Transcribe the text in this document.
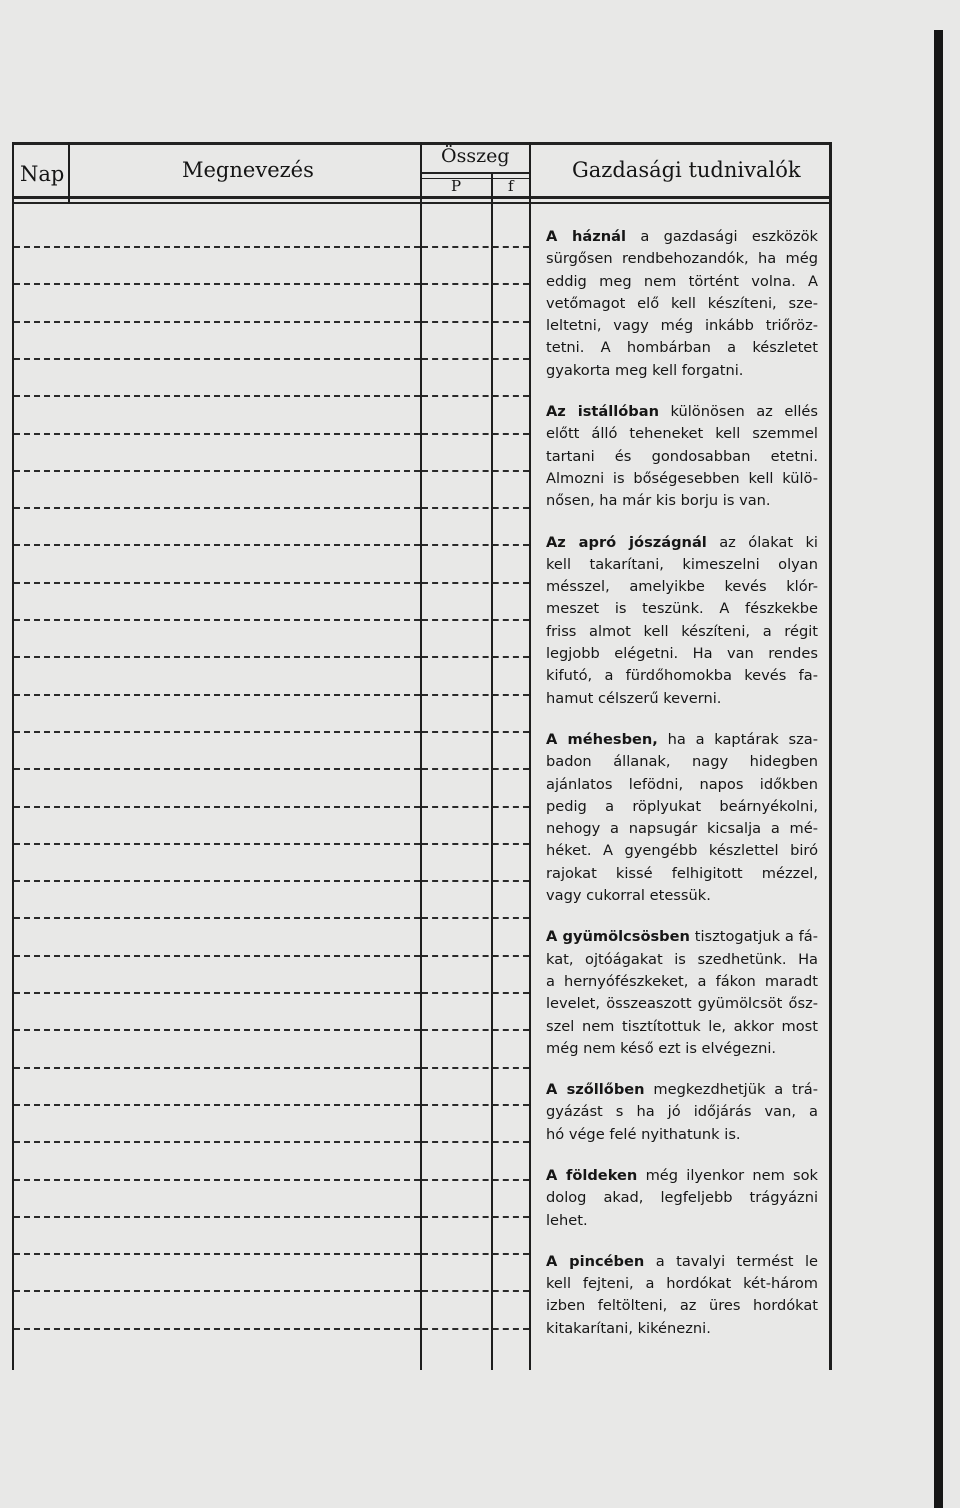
Nap	Megnevezés
Összeg
P	f
Gazdasági tudnivalók
A háznál a gazdasági eszközök
sürgősen rendbehozandók, ha még
eddig meg nem történt volna. A
vetőmagot elő kell készíteni, sze-
leltetni, vagy még inkább triőröz-
tetni. A hombárban a készletet
gyakorta meg kell forgatni.
Az istállóban különösen az ellés
előtt álló teheneket kell szemmel
tartani és gondosabban etetni.
Almozni is bőségesebben kell külö-
nősen, ha már kis borju is van.
Az apró jószágnál az ólakat ki
kell takarítani, kimeszelni olyan
mésszel, amelyikbe kevés klór-
meszet is teszünk. A fészkekbe
friss almot kell készíteni, a régit
legjobb elégetni. Ha van rendes
kifutó, a fürdőhomokba kevés fa-
hamut célszerű keverni.
A méhesben, ha a kaptárak sza-
badon állanak, nagy hidegben
ajánlatos lefödni, napos időkben
pedig a röplyukat beárnyékolni,
nehogy a napsugár kicsalja a mé-
héket. A gyengébb készlettel biró
rajokat kissé felhigitott mézzel,
vagy cukorral etessük.
A gyümölcsösben tisztogatjuk a fá-
kat, ojtóágakat is szedhetünk. Ha
a hernyófészkeket, a fákon maradt
levelet, összeaszott gyümölcsöt ősz-
szel nem tisztítottuk le, akkor most
még nem késő ezt is elvégezni.
A szőllőben megkezdhetjük a trá-
gyázást s ha jó időjárás van, a
hó vége felé nyithatunk is.
A földeken még ilyenkor nem sok
dolog akad, legfeljebb trágyázni
lehet.
A pincében a tavalyi termést le
kell fejteni, a hordókat két-három
izben feltölteni, az üres hordókat
kitakarítani, kikénezni.
